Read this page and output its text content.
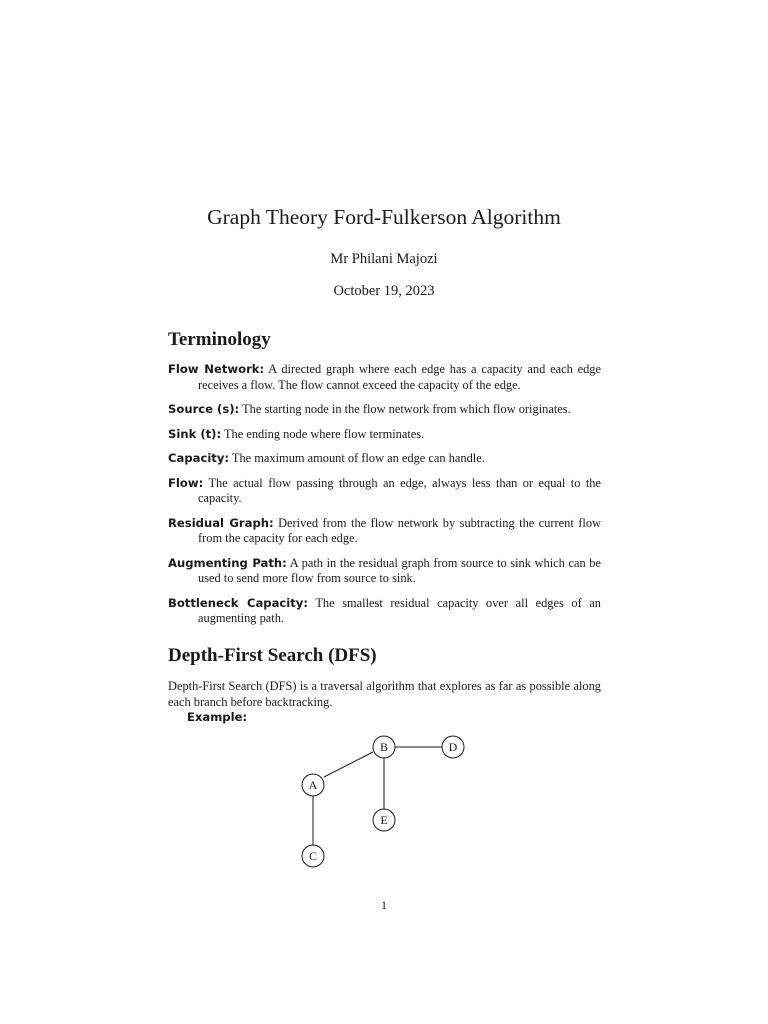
Graph Theory Ford-Fulkerson Algorithm
Mr Philani Majozi
October 19, 2023
Terminology
Flow Network: A directed graph where each edge has a capacity and each edge receives a flow. The flow cannot exceed the capacity of the edge.
Source (s): The starting node in the flow network from which flow originates.
Sink (t): The ending node where flow terminates.
Capacity: The maximum amount of flow an edge can handle.
Flow: The actual flow passing through an edge, always less than or equal to the capacity.
Residual Graph: Derived from the flow network by subtracting the current flow from the capacity for each edge.
Augmenting Path: A path in the residual graph from source to sink which can be used to send more flow from source to sink.
Bottleneck Capacity: The smallest residual capacity over all edges of an augmenting path.
Depth-First Search (DFS)
Depth-First Search (DFS) is a traversal algorithm that explores as far as possible along each branch before backtracking.
Example:
B	D
A
E
C
1
